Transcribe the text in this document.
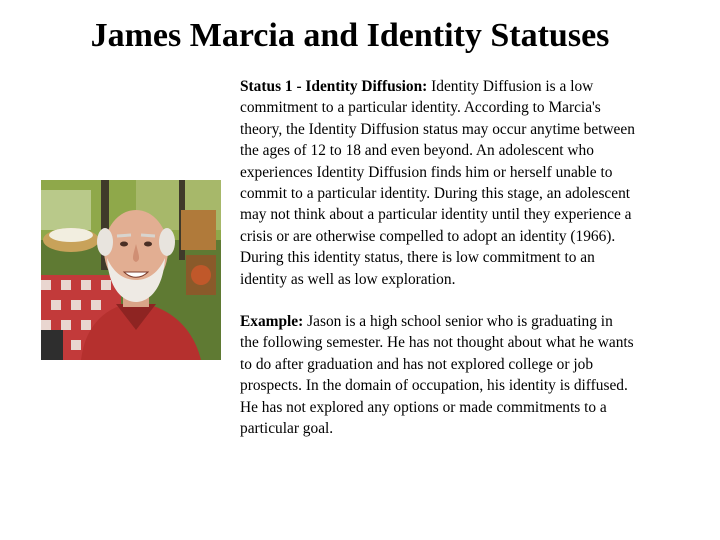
James Marcia and Identity Statuses

Status 1 - Identity Diffusion: Identity Diffusion is a low commitment to a particular identity. According to Marcia's theory, the Identity Diffusion status may occur anytime between the ages of 12 to 18 and even beyond. An adolescent who experiences Identity Diffusion finds him or herself unable to commit to a particular identity. During this stage, an adolescent may not think about a particular identity until they experience a crisis or are otherwise compelled to adopt an identity (1966). During this identity status, there is low commitment to an identity as well as low exploration.

Example: Jason is a high school senior who is graduating in the following semester. He has not thought about what he wants to do after graduation and has not explored college or job prospects. In the domain of occupation, his identity is diffused. He has not explored any options or made commitments to a particular goal.
